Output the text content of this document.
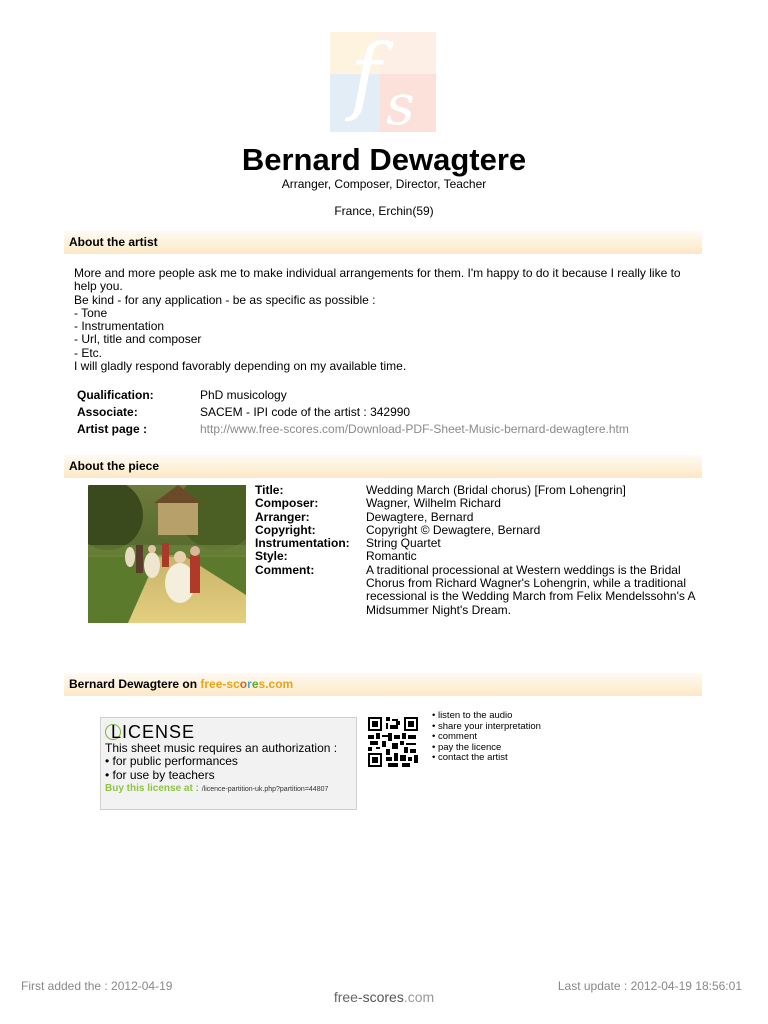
f s
Bernard Dewagtere
Arranger, Composer, Director, Teacher
France, Erchin(59)
About the artist
More and more people ask me to make individual arrangements for them. I'm happy to do it because I really like to help you.
Be kind - for any application - be as specific as possible :
- Tone
- Instrumentation
- Url, title and composer
- Etc.
I will gladly respond favorably depending on my available time.
Qualification:	PhD musicology
Associate:	SACEM - IPI code of the artist : 342990
Artist page :	http://www.free-scores.com/Download-PDF-Sheet-Music-bernard-dewagtere.htm
About the piece
Title:	Wedding March (Bridal chorus) [From Lohengrin]
Composer:	Wagner, Wilhelm Richard
Arranger:	Dewagtere, Bernard
Copyright:	Copyright © Dewagtere, Bernard
Instrumentation:	String Quartet
Style:	Romantic
Comment:	A traditional processional at Western weddings is the Bridal Chorus from Richard Wagner's Lohengrin, while a traditional recessional is the Wedding March from Felix Mendelssohn's A Midsummer Night's Dream.
Bernard Dewagtere on free-scores.com
LICENSE
This sheet music requires an authorization :
• for public performances
• for use by teachers
Buy this license at : /licence-partition-uk.php?partition=44807
• listen to the audio
• share your interpretation
• comment
• pay the licence
• contact the artist
First added the : 2012-04-19	Last update : 2012-04-19 18:56:01
free-scores.com
